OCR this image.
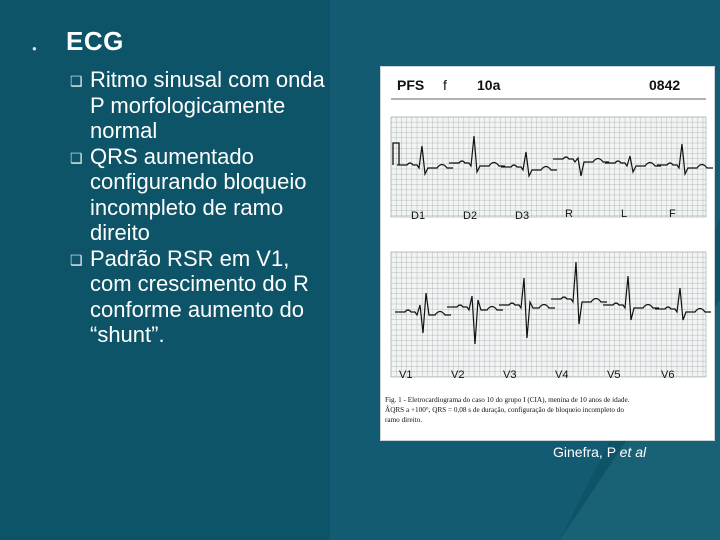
● ECG
❑ Ritmo sinusal com onda
P morfologicamente
normal
❑ QRS aumentado
configurando bloqueio
incompleto de ramo
direito
❑ Padrão RSR em V1,
com crescimento do R
conforme aumento do
“shunt”.
PFS f 10a	0842
D1	D2	D3	R	L	F
V1	V2	V3	V4	V5	V6
Fig. 1 - Eletrocardiograma do caso 10 do grupo I (CIA), menina de 10 anos de idade.
ÂQRS a +100°, QRS = 0,08 s de duração, configuração de bloqueio incompleto do
ramo direito.
Ginefra, P et al
